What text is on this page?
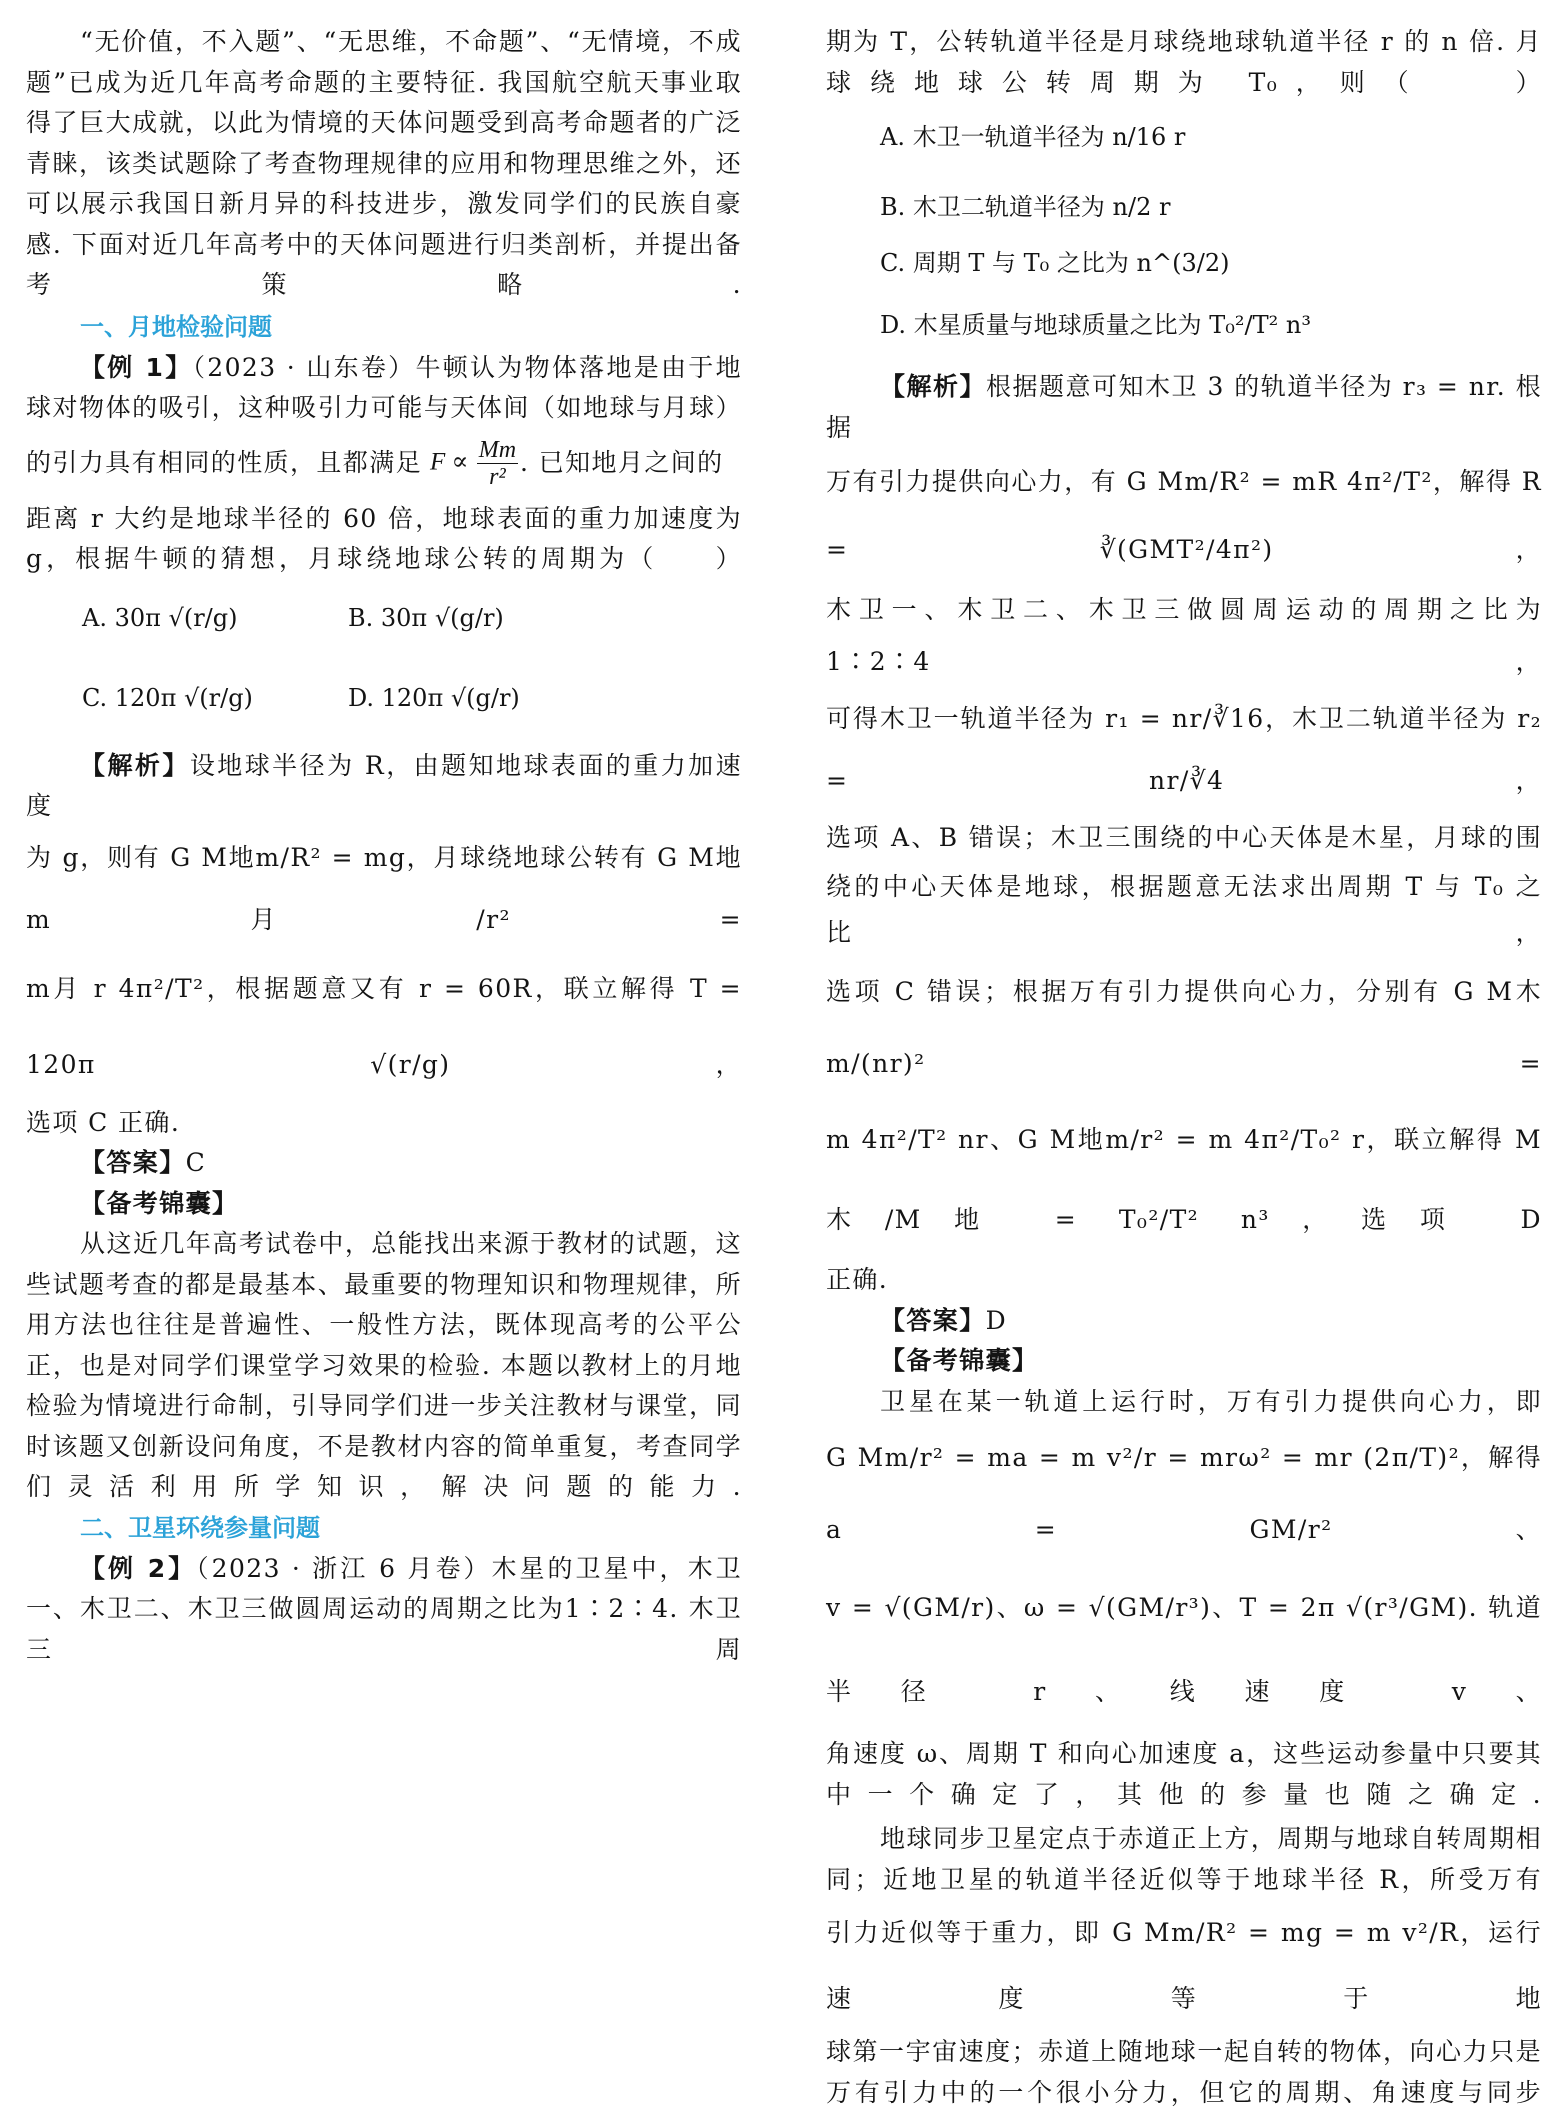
“无价值，不入题”、“无思维，不命题”、“无情境，不成题”已成为近几年高考命题的主要特征. 我国航空航天事业取得了巨大成就，以此为情境的天体问题受到高考命题者的广泛青睐，该类试题除了考查物理规律的应用和物理思维之外，还可以展示我国日新月异的科技进步，激发同学们的民族自豪感. 下面对近几年高考中的天体问题进行归类剖析，并提出备考策略.

一、月地检验问题

【例 1】（2023 · 山东卷）牛顿认为物体落地是由于地球对物体的吸引，这种吸引力可能与天体间（如地球与月球）

的引力具有相同的性质，且都满足 $F \propto \frac{Mm}{\text{r²}}$ . 已知地月之间的

距离 r 大约是地球半径的 60 倍，地球表面的重力加速度为 g，根据牛顿的猜想，月球绕地球公转的周期为（　　）

A. 30π √(r/g)	B. 30π √(g/r)
C. 120π √(r/g)	D. 120π √(g/r)

【解析】设地球半径为 R，由题知地球表面的重力加速度

为 g，则有 G M地m/R² = mg，月球绕地球公转有 G M地m月/r² =

m月 r 4π²/T²，根据题意又有 r = 60R，联立解得 T = 120π √(r/g)，

选项 C 正确.

【答案】C

【备考锦囊】

从这近几年高考试卷中，总能找出来源于教材的试题，这些试题考查的都是最基本、最重要的物理知识和物理规律，所用方法也往往是普遍性、一般性方法，既体现高考的公平公正，也是对同学们课堂学习效果的检验. 本题以教材上的月地检验为情境进行命制，引导同学们进一步关注教材与课堂，同时该题又创新设问角度，不是教材内容的简单重复，考查同学们灵活利用所学知识，解决问题的能力.

二、卫星环绕参量问题

【例 2】（2023 · 浙江 6 月卷）木星的卫星中，木卫一、木卫二、木卫三做圆周运动的周期之比为1∶2∶4. 木卫三周

期为 T，公转轨道半径是月球绕地球轨道半径 r 的 n 倍. 月球绕地球公转周期为 T₀，则（　　）

A. 木卫一轨道半径为 n/16 r
B. 木卫二轨道半径为 n/2 r
C. 周期 T 与 T₀ 之比为 n^(3/2)
D. 木星质量与地球质量之比为 T₀²/T² n³

【解析】根据题意可知木卫 3 的轨道半径为 r₃ = nr. 根据

万有引力提供向心力，有 G Mm/R² = mR 4π²/T²，解得 R = ∛(GMT²/4π²)，

木卫一、木卫二、木卫三做圆周运动的周期之比为 1∶2∶4，

可得木卫一轨道半径为 r₁ = nr/∛16，木卫二轨道半径为 r₂ = nr/∛4，

选项 A、B 错误；木卫三围绕的中心天体是木星，月球的围

绕的中心天体是地球，根据题意无法求出周期 T 与 T₀ 之比，

选项 C 错误；根据万有引力提供向心力，分别有 G M木m/(nr)² =

m 4π²/T² nr、G M地m/r² = m 4π²/T₀² r，联立解得 M木/M地 = T₀²/T² n³，选项 D

正确.

【答案】D

【备考锦囊】

卫星在某一轨道上运行时，万有引力提供向心力，即

G Mm/r² = ma = m v²/r = mrω² = mr (2π/T)²，解得 a = GM/r²、

v = √(GM/r)、ω = √(GM/r³)、T = 2π √(r³/GM). 轨道半径 r、线速度 v、

角速度 ω、周期 T 和向心加速度 a，这些运动参量中只要其中一个确定了，其他的参量也随之确定.

地球同步卫星定点于赤道正上方，周期与地球自转周期相同；近地卫星的轨道半径近似等于地球半径 R，所受万有

引力近似等于重力，即 G Mm/R² = mg = m v²/R，运行速度等于地

球第一宇宙速度；赤道上随地球一起自转的物体，向心力只是万有引力中的一个很小分力，但它的周期、角速度与同步
